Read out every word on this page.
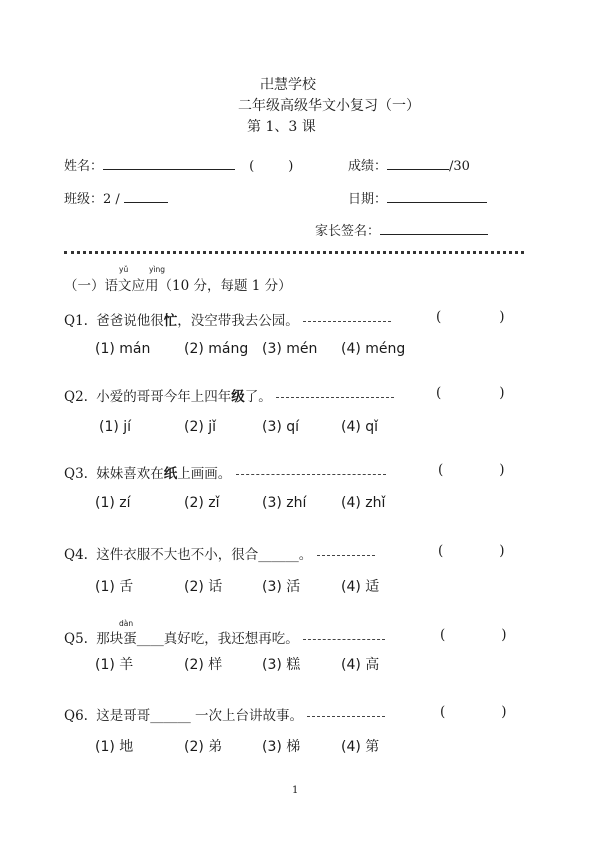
卍慧学校
二年级高级华文小复习（一）
第 1、3 课
姓名：	(	)	成绩：	/30
班级：2 /	日期：
家长签名：
yǔ	yìng
（一）语文应用（10 分，每题 1 分）
Q1. 爸爸说他很忙，没空带我去公园。	(	)
(1) mán (2) máng (3) mén (4) méng
Q2. 小爱的哥哥今年上四年级了。	(	)
(1) jí	(2) jǐ	(3) qí	(4) qǐ
Q3. 妹妹喜欢在纸上画画。	(	)
(1) zí	(2) zǐ	(3) zhí (4) zhǐ
Q4. 这件衣服不大也不小，很合______。	(	)
(1) 舌	(2) 话	(3) 活	(4) 适
dàn
Q5. 那块蛋____真好吃，我还想再吃。	(	)
(1) 羊	(2) 样	(3) 糕	(4) 高
Q6. 这是哥哥______ 一次上台讲故事。	(	)
(1) 地	(2) 弟	(3) 梯	(4) 第
1
